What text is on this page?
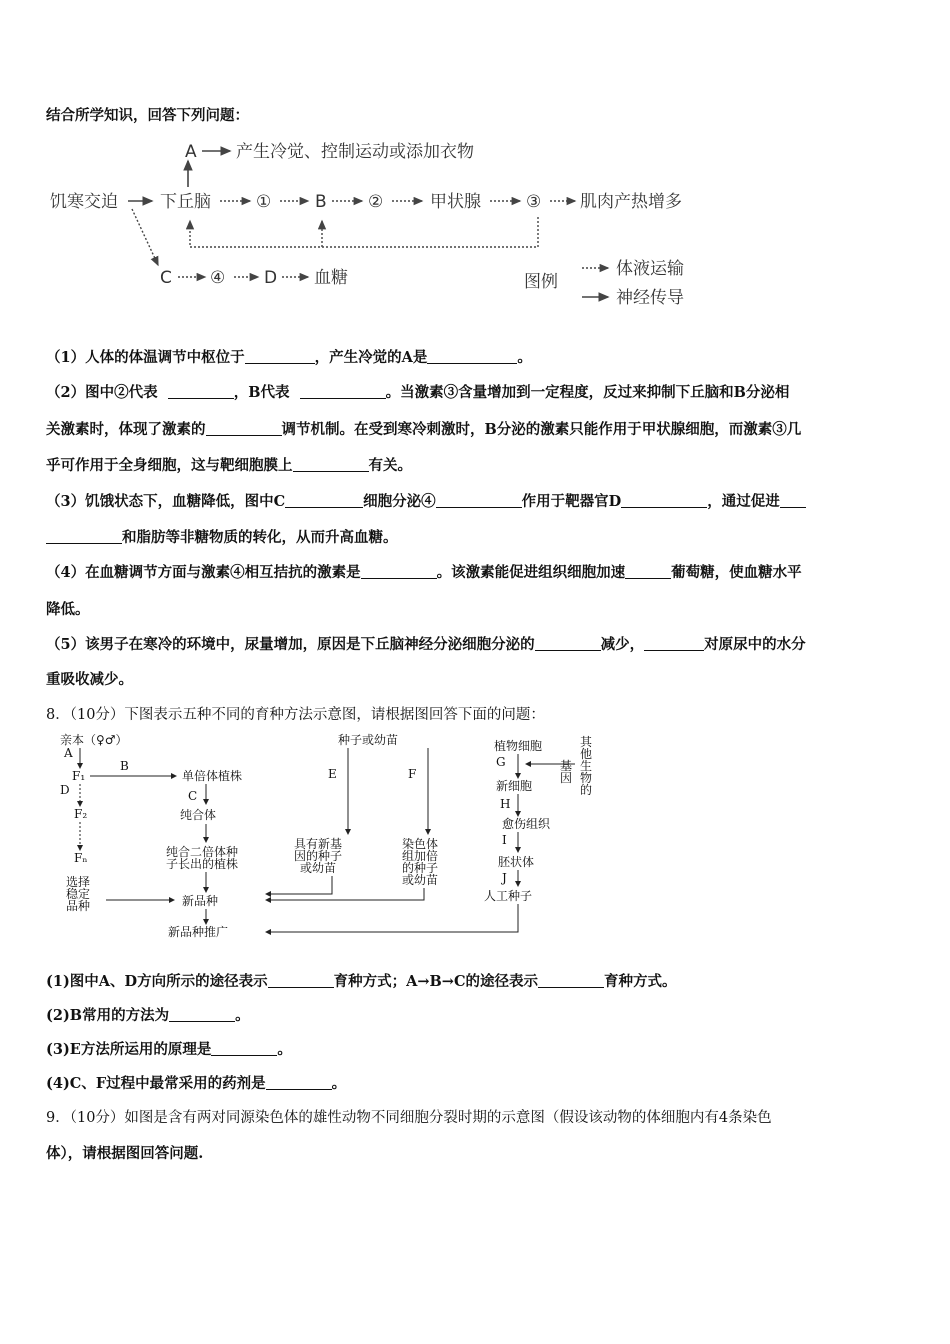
结合所学知识，回答下列问题：
饥寒交迫 下丘脑	①	B ②	甲状腺	③ 肌肉产热增多
A 产生冷觉、控制运动或添加衣物
C ④ D 血糖	图例
体液运输
神经传导
（1）人体的体温调节中枢位于	，产生冷觉的A是	。
（2）图中②代表	，B代表	。当激素③含量增加到一定程度，反过来抑制下丘脑和B分泌相
关激素时，体现了激素的	调节机制。在受到寒冷刺激时，B分泌的激素只能作用于甲状腺细胞，而激素③几
乎可作用于全身细胞，这与靶细胞膜上	有关。
（3）饥饿状态下，血糖降低，图中C	细胞分泌④	作用于靶器官D	，通过促进
和脂肪等非糖物质的转化，从而升高血糖。
（4）在血糖调节方面与激素④相互拮抗的激素是	。该激素能促进组织细胞加速	葡萄糖，使血糖水平
降低。
（5）该男子在寒冷的环境中，尿量增加，原因是下丘脑神经分泌细胞分泌的	减少，	对原尿中的水分
重吸收减少。
8．（10分）下图表示五种不同的育种方法示意图，请根据图回答下面的问题：
亲本（♀♂）
A
F₁
B
D
F₂
Fₙ
选择
稳定
品种
单倍体植株
C
纯合体
纯合二倍体种
子长出的植株
新品种
新品种推广
种子或幼苗
E	F
具有新基
因的种子
或幼苗
染色体
组加倍
的种子
或幼苗
植物细胞	其
他
生
物
的
基
因
G
新细胞
H
愈伤组织
I
胚状体
J
人工种子
(1)图中A、D方向所示的途径表示	育种方式；A→B→C的途径表示	育种方式。
(2)B常用的方法为	。
(3)E方法所运用的原理是	。
(4)C、F过程中最常采用的药剂是	。
9．（10分）如图是含有两对同源染色体的雄性动物不同细胞分裂时期的示意图（假设该动物的体细胞内有4条染色
体），请根据图回答问题.
